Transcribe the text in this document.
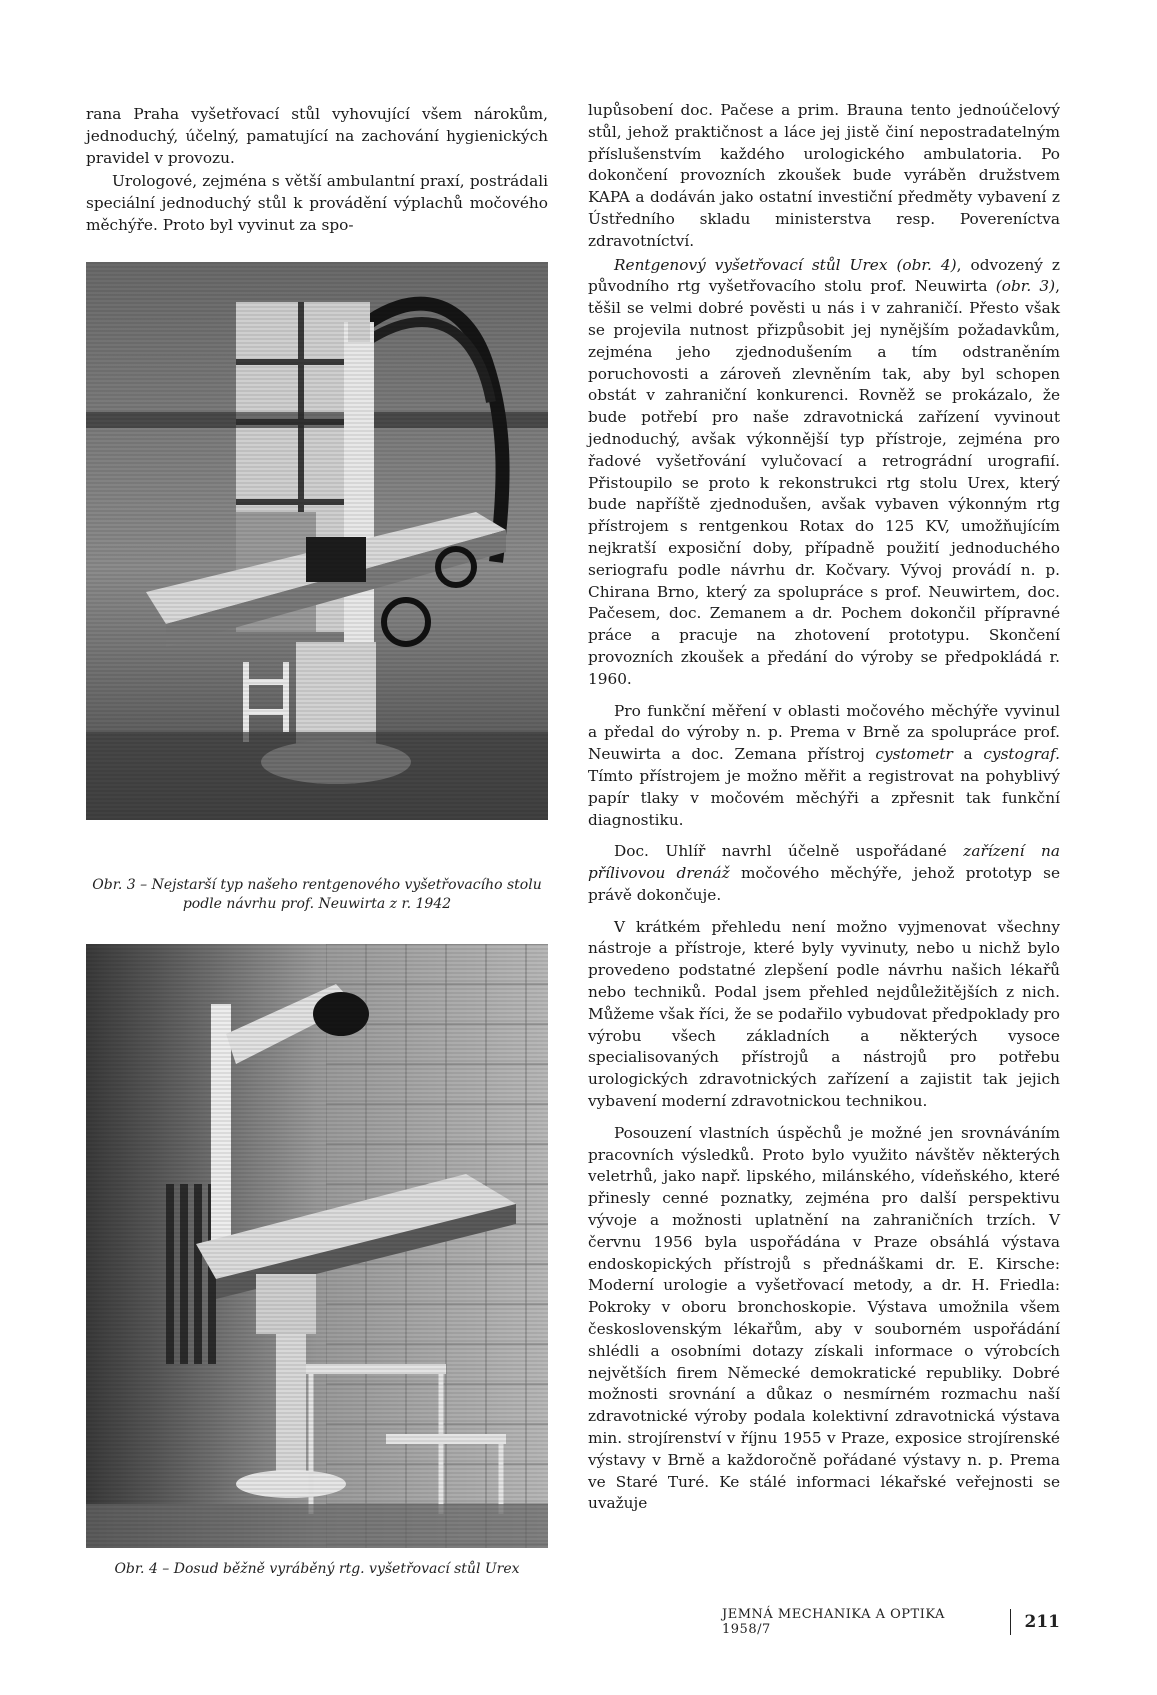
rana Praha vyšetřovací stůl vyhovující všem nárokům, jednoduchý, účelný, pamatující na zachování hygienických pravidel v provozu.

Urologové, zejména s větší ambulantní praxí, postrádali speciální jednoduchý stůl k provádění výplachů močového měchýře. Proto byl vyvinut za spo-

Obr. 3 – Nejstarší typ našeho rentgenového vyšetřovacího stolu podle návrhu prof. Neuwirta z r. 1942
Obr. 4 – Dosud běžně vyráběný rtg. vyšetřovací stůl Urex

lupůsobení doc. Pačese a prim. Brauna tento jednoúčelový stůl, jehož praktičnost a láce jej jistě činí nepostradatelným příslušenstvím každého urologického ambulatoria. Po dokončení provozních zkoušek bude vyráběn družstvem KAPA a dodáván jako ostatní investiční předměty vybavení z Ústředního skladu ministerstva resp. Povereníctva zdravotníctví.

Rentgenový vyšetřovací stůl Urex (obr. 4), odvozený z původního rtg vyšetřovacího stolu prof. Neuwirta (obr. 3), těšil se velmi dobré pověsti u nás i v zahraničí. Přesto však se projevila nutnost přizpůsobit jej nynějším požadavkům, zejména jeho zjednodušením a tím odstraněním poruchovosti a zároveň zlevněním tak, aby byl schopen obstát v zahraniční konkurenci. Rovněž se prokázalo, že bude potřebí pro naše zdravotnická zařízení vyvinout jednoduchý, avšak výkonnější typ přístroje, zejména pro řadové vyšetřování vylučovací a retrográdní urografií. Přistoupilo se proto k rekonstrukci rtg stolu Urex, který bude napříště zjednodušen, avšak vybaven výkonným rtg přístrojem s rentgenkou Rotax do 125 KV, umožňujícím nejkratší exposiční doby, případně použití jednoduchého seriografu podle návrhu dr. Kočvary. Vývoj provádí n. p. Chirana Brno, který za spolupráce s prof. Neuwirtem, doc. Pačesem, doc. Zemanem a dr. Pochem dokončil přípravné práce a pracuje na zhotovení prototypu. Skončení provozních zkoušek a předání do výroby se předpokládá r. 1960.

Pro funkční měření v oblasti močového měchýře vyvinul a předal do výroby n. p. Prema v Brně za spolupráce prof. Neuwirta a doc. Zemana přístroj cystometr a cystograf. Tímto přístrojem je možno měřit a registrovat na pohyblivý papír tlaky v močovém měchýři a zpřesnit tak funkční diagnostiku.

Doc. Uhlíř navrhl účelně uspořádané zařízení na přílivovou drenáž močového měchýře, jehož prototyp se právě dokončuje.

V krátkém přehledu není možno vyjmenovat všechny nástroje a přístroje, které byly vyvinuty, nebo u nichž bylo provedeno podstatné zlepšení podle návrhu našich lékařů nebo techniků. Podal jsem přehled nejdůležitějších z nich. Můžeme však říci, že se podařilo vybudovat předpoklady pro výrobu všech základních a některých vysoce specialisovaných přístrojů a nástrojů pro potřebu urologických zdravotnických zařízení a zajistit tak jejich vybavení moderní zdravotnickou technikou.

Posouzení vlastních úspěchů je možné jen srovnáváním pracovních výsledků. Proto bylo využito návštěv některých veletrhů, jako např. lipského, milánského, vídeňského, které přinesly cenné poznatky, zejména pro další perspektivu vývoje a možnosti uplatnění na zahraničních trzích. V červnu 1956 byla uspořádána v Praze obsáhlá výstava endoskopických přístrojů s přednáškami dr. E. Kirsche: Moderní urologie a vyšetřovací metody, a dr. H. Friedla: Pokroky v oboru bronchoskopie. Výstava umožnila všem československým lékařům, aby v souborném uspořádání shlédli a osobními dotazy získali informace o výrobcích největších firem Německé demokratické republiky. Dobré možnosti srovnání a důkaz o nesmírném rozmachu naší zdravotnické výroby podala kolektivní zdravotnická výstava min. strojírenství v říjnu 1955 v Praze, exposice strojírenské výstavy v Brně a každoročně pořádané výstavy n. p. Prema ve Staré Turé. Ke stálé informaci lékařské veřejnosti se uvažuje

JEMNÁ MECHANIKA A OPTIKA 1958/7	211
